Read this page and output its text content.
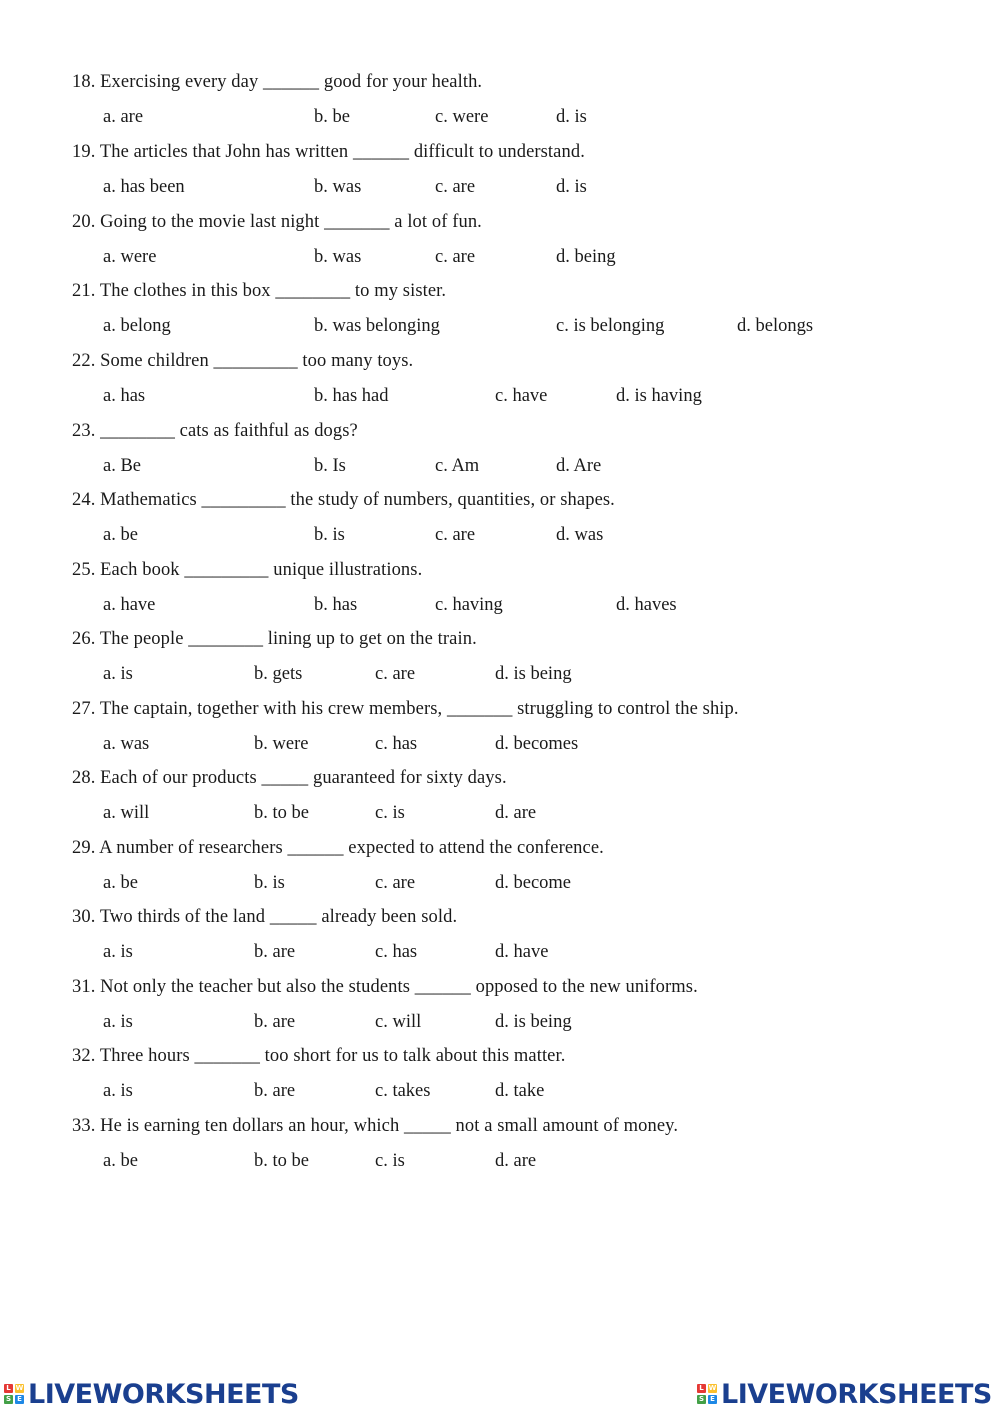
L W
S E LIVEWORKSHEETS	L W
S E LIVEWORKSHEETS
18. Exercising every day ______ good for your health.
a. are	b. be	c. were	d. is
19. The articles that John has written ______ difficult to understand.
a. has been	b. was	c. are	d. is
20. Going to the movie last night _______ a lot of fun.
a. were	b. was	c. are	d. being
21. The clothes in this box ________ to my sister.
a. belong	b. was belonging	c. is belonging	d. belongs
22. Some children _________ too many toys.
a. has	b. has had	c. have	d. is having
23. ________ cats as faithful as dogs?
a. Be	b. Is	c. Am	d. Are
24. Mathematics _________ the study of numbers, quantities, or shapes.
a. be	b. is	c. are	d. was
25. Each book _________ unique illustrations.
a. have	b. has	c. having	d. haves
26. The people ________ lining up to get on the train.
a. is	b. gets	c. are	d. is being
27. The captain, together with his crew members, _______ struggling to control the ship.
a. was	b. were	c. has	d. becomes
28. Each of our products _____ guaranteed for sixty days.
a. will	b. to be	c. is	d. are
29. A number of researchers ______ expected to attend the conference.
a. be	b. is	c. are	d. become
30. Two thirds of the land _____ already been sold.
a. is	b. are	c. has	d. have
31. Not only the teacher but also the students ______ opposed to the new uniforms.
a. is	b. are	c. will	d. is being
32. Three hours _______ too short for us to talk about this matter.
a. is	b. are	c. takes	d. take
33. He is earning ten dollars an hour, which _____ not a small amount of money.
a. be	b. to be	c. is	d. are
